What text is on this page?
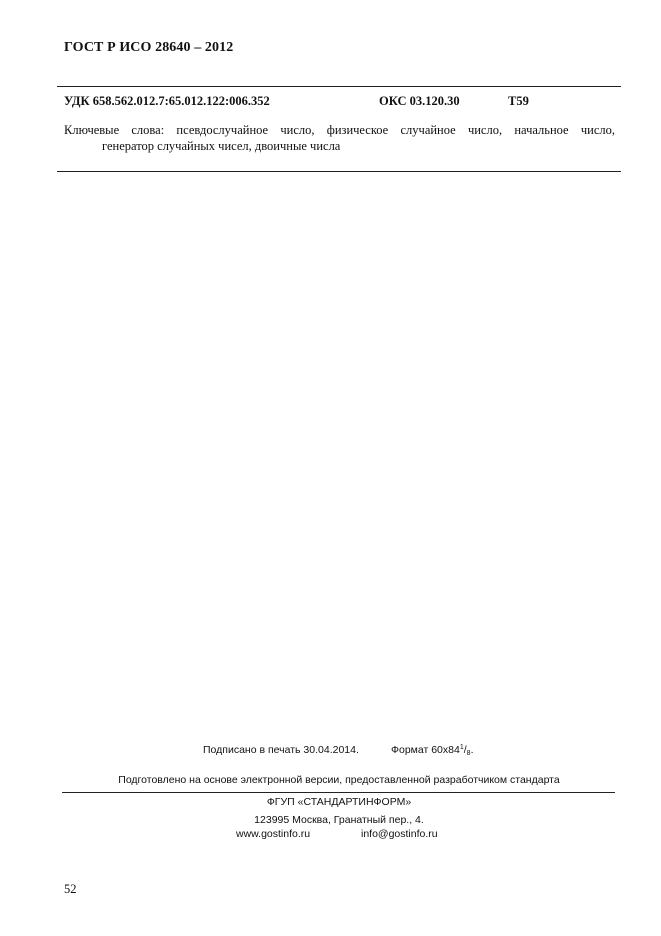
ГОСТ Р ИСО 28640 – 2012
УДК 658.562.012.7:65.012.122:006.352	ОКС 03.120.30	Т59
Ключевые слова: псевдослучайное число, физическое случайное число, начальное число,
генератор случайных чисел, двоичные числа
Подписано в печать 30.04.2014.	Формат $60x84^1/_8$.
Подготовлено на основе электронной версии, предоставленной разработчиком стандарта
ФГУП «СТАНДАРТИНФОРМ»
123995 Москва, Гранатный пер., 4.
www.gostinfo.ru	info@gostinfo.ru
52
